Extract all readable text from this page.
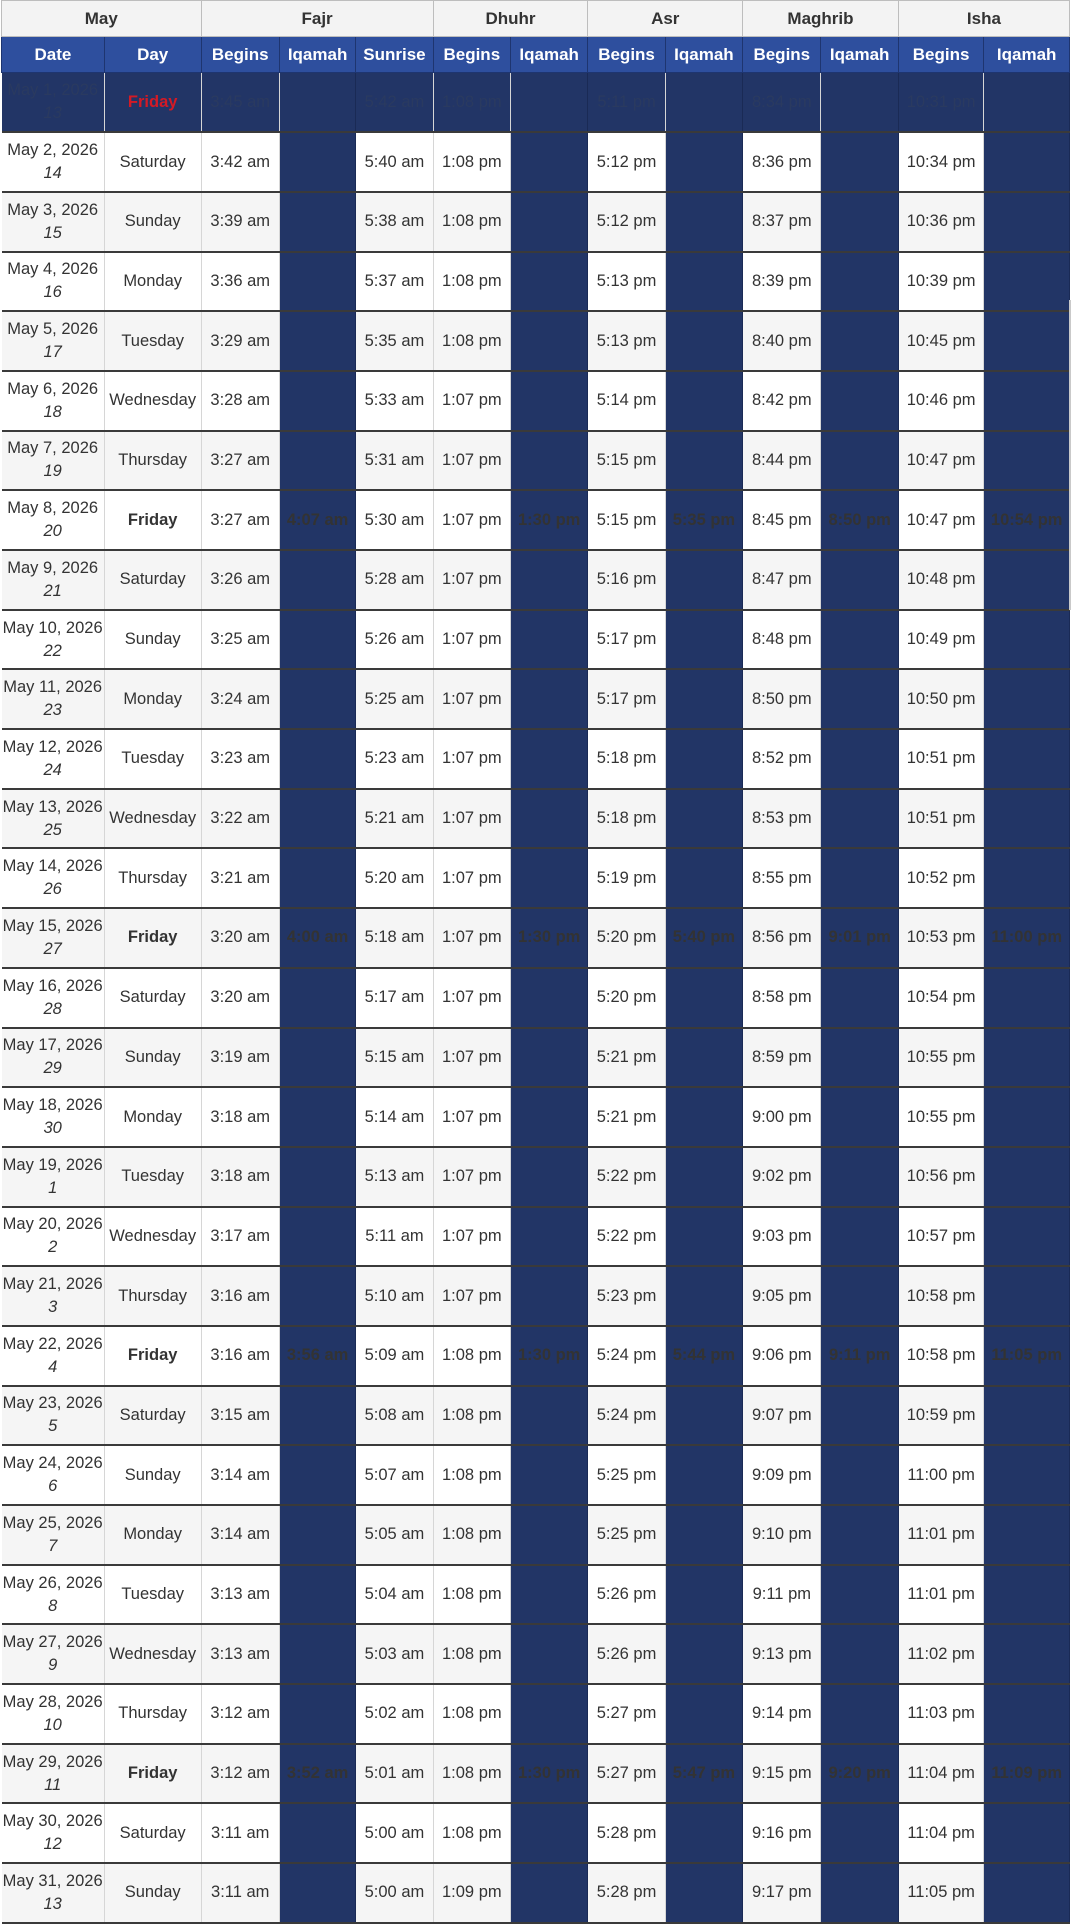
May		Fajr			Dhuhr		Asr		Maghrib		Isha	
Date	Day	Begins	Iqamah	Sunrise	Begins	Iqamah	Begins	Iqamah	Begins	Iqamah	Begins	Iqamah

May 1, 2026
13	Friday	3:45 am		5:42 am	1:08 pm		5:11 pm		8:34 pm		10:31 pm	

May 2, 2026
14	Saturday	3:42 am		5:40 am	1:08 pm		5:12 pm		8:36 pm		10:34 pm	

May 3, 2026
15	Sunday	3:39 am		5:38 am	1:08 pm		5:12 pm		8:37 pm		10:36 pm	

May 4, 2026
16	Monday	3:36 am		5:37 am	1:08 pm		5:13 pm		8:39 pm		10:39 pm	

May 5, 2026
17	Tuesday	3:29 am		5:35 am	1:08 pm		5:13 pm		8:40 pm		10:45 pm	

May 6, 2026
18	Wednesday	3:28 am		5:33 am	1:07 pm		5:14 pm		8:42 pm		10:46 pm	

May 7, 2026
19	Thursday	3:27 am		5:31 am	1:07 pm		5:15 pm		8:44 pm		10:47 pm	

May 8, 2026
20	Friday	3:27 am	4:07 am	5:30 am	1:07 pm	1:30 pm	5:15 pm	5:35 pm	8:45 pm	8:50 pm	10:47 pm	10:54 pm

May 9, 2026
21	Saturday	3:26 am		5:28 am	1:07 pm		5:16 pm		8:47 pm		10:48 pm	

May 10, 2026
22	Sunday	3:25 am		5:26 am	1:07 pm		5:17 pm		8:48 pm		10:49 pm	

May 11, 2026
23	Monday	3:24 am		5:25 am	1:07 pm		5:17 pm		8:50 pm		10:50 pm	

May 12, 2026
24	Tuesday	3:23 am		5:23 am	1:07 pm		5:18 pm		8:52 pm		10:51 pm	

May 13, 2026
25	Wednesday	3:22 am		5:21 am	1:07 pm		5:18 pm		8:53 pm		10:51 pm	

May 14, 2026
26	Thursday	3:21 am		5:20 am	1:07 pm		5:19 pm		8:55 pm		10:52 pm	

May 15, 2026
27	Friday	3:20 am	4:00 am	5:18 am	1:07 pm	1:30 pm	5:20 pm	5:40 pm	8:56 pm	9:01 pm	10:53 pm	11:00 pm

May 16, 2026
28	Saturday	3:20 am		5:17 am	1:07 pm		5:20 pm		8:58 pm		10:54 pm	

May 17, 2026
29	Sunday	3:19 am		5:15 am	1:07 pm		5:21 pm		8:59 pm		10:55 pm	

May 18, 2026
30	Monday	3:18 am		5:14 am	1:07 pm		5:21 pm		9:00 pm		10:55 pm	

May 19, 2026
1	Tuesday	3:18 am		5:13 am	1:07 pm		5:22 pm		9:02 pm		10:56 pm	

May 20, 2026
2	Wednesday	3:17 am		5:11 am	1:07 pm		5:22 pm		9:03 pm		10:57 pm	

May 21, 2026
3	Thursday	3:16 am		5:10 am	1:07 pm		5:23 pm		9:05 pm		10:58 pm	

May 22, 2026
4	Friday	3:16 am	3:56 am	5:09 am	1:08 pm	1:30 pm	5:24 pm	5:44 pm	9:06 pm	9:11 pm	10:58 pm	11:05 pm

May 23, 2026
5	Saturday	3:15 am		5:08 am	1:08 pm		5:24 pm		9:07 pm		10:59 pm	

May 24, 2026
6	Sunday	3:14 am		5:07 am	1:08 pm		5:25 pm		9:09 pm		11:00 pm	

May 25, 2026
7	Monday	3:14 am		5:05 am	1:08 pm		5:25 pm		9:10 pm		11:01 pm	

May 26, 2026
8	Tuesday	3:13 am		5:04 am	1:08 pm		5:26 pm		9:11 pm		11:01 pm	

May 27, 2026
9	Wednesday	3:13 am		5:03 am	1:08 pm		5:26 pm		9:13 pm		11:02 pm	

May 28, 2026
10	Thursday	3:12 am		5:02 am	1:08 pm		5:27 pm		9:14 pm		11:03 pm	

May 29, 2026
11	Friday	3:12 am	3:52 am	5:01 am	1:08 pm	1:30 pm	5:27 pm	5:47 pm	9:15 pm	9:20 pm	11:04 pm	11:09 pm

May 30, 2026
12	Saturday	3:11 am		5:00 am	1:08 pm		5:28 pm		9:16 pm		11:04 pm	

May 31, 2026
13	Sunday	3:11 am		5:00 am	1:09 pm		5:28 pm		9:17 pm		11:05 pm	
